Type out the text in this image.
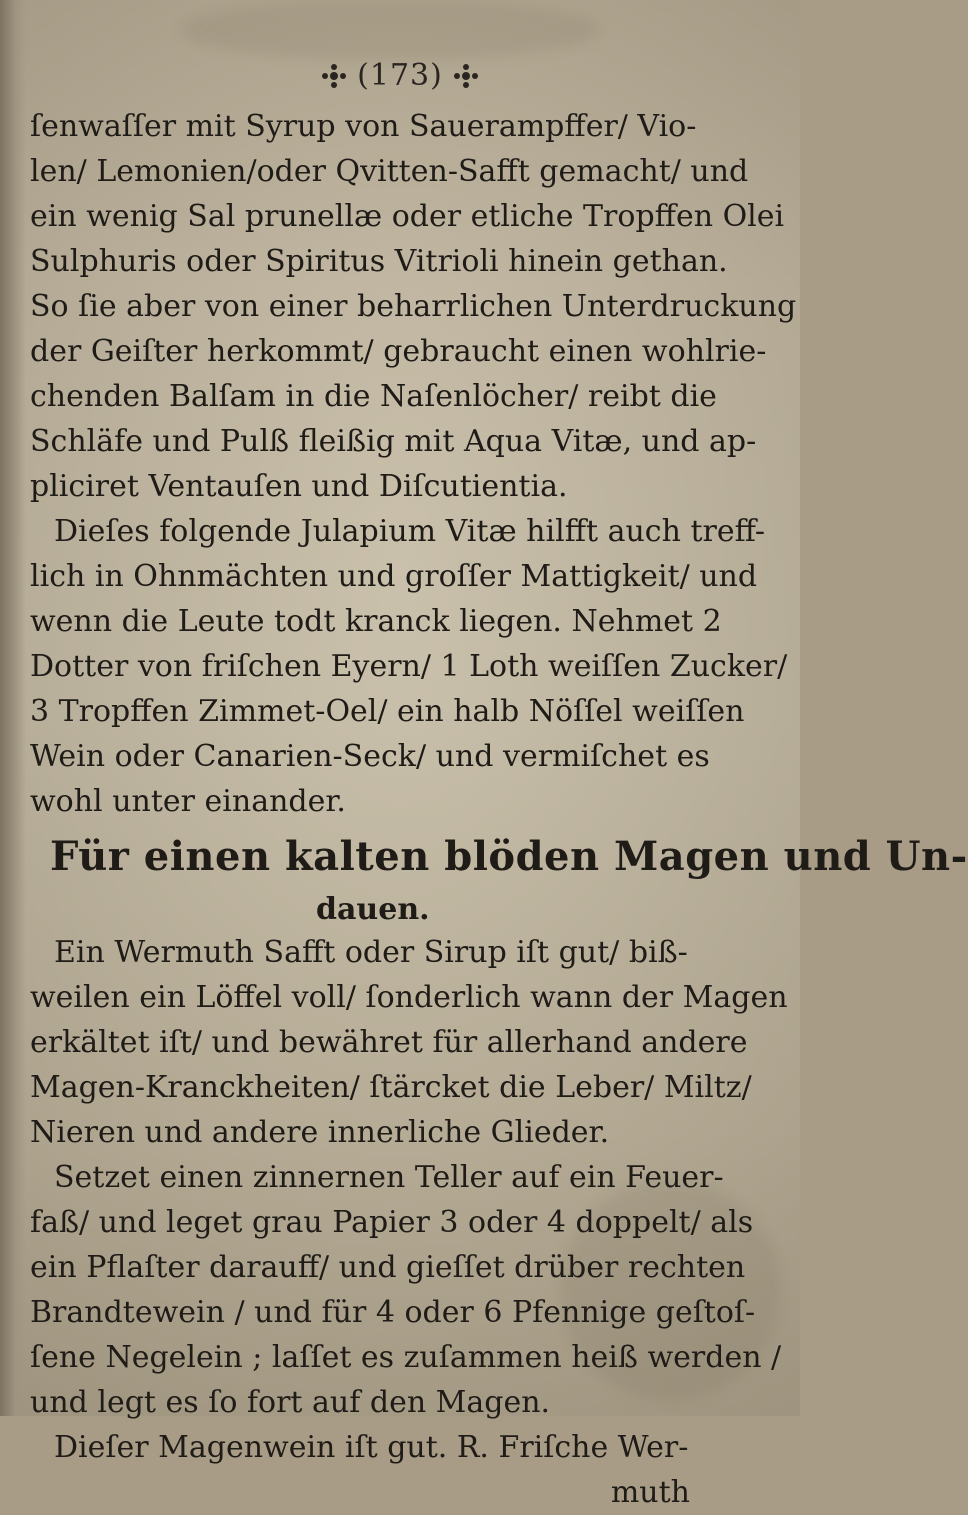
(173)
ſenwaſſer mit Syrup von Sauerampffer/ Vio-
len/ Lemonien/oder Qvitten-Safft gemacht/ und
ein wenig Sal prunellæ oder etliche Tropffen Olei
Sulphuris oder Spiritus Vitrioli hinein gethan.
So ſie aber von einer beharrlichen Unterdruckung
der Geiſter herkommt/ gebraucht einen wohlrie-
chenden Balſam in die Naſenlöcher/ reibt die
Schläfe und Pulß fleißig mit Aqua Vitæ, und ap-
pliciret Ventauſen und Diſcutientia.
Dieſes folgende Julapium Vitæ hilfft auch treff-
lich in Ohnmächten und groſſer Mattigkeit/ und
wenn die Leute todt kranck liegen. Nehmet 2
Dotter von friſchen Eyern/ 1 Loth weiſſen Zucker/
3 Tropffen Zimmet-Oel/ ein halb Nöſſel weiſſen
Wein oder Canarien-Seck/ und vermiſchet es
wohl unter einander.
Für einen kalten blöden Magen und Un-
dauen.
Ein Wermuth Safft oder Sirup iſt gut/ biß-
weilen ein Löffel voll/ ſonderlich wann der Magen
erkältet iſt/ und bewähret für allerhand andere
Magen-Kranckheiten/ ſtärcket die Leber/ Miltz/
Nieren und andere innerliche Glieder.
Setzet einen zinnernen Teller auf ein Feuer-
faß/ und leget grau Papier 3 oder 4 doppelt/ als
ein Pflaſter darauff/ und gieſſet drüber rechten
Brandtewein / und für 4 oder 6 Pfennige geſtoſ-
ſene Negelein ; laſſet es zuſammen heiß werden /
und legt es ſo fort auf den Magen.
Dieſer Magenwein iſt gut. R. Friſche Wer-
muth
